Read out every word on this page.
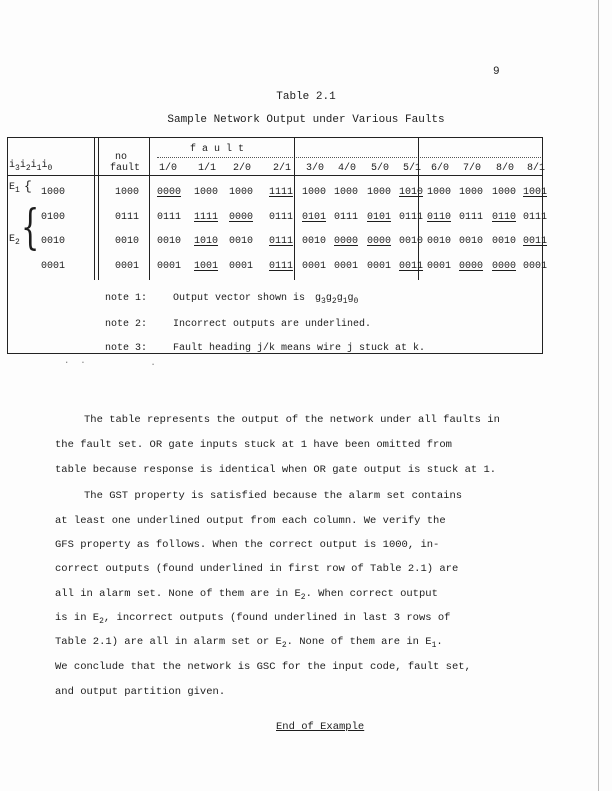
9
Table 2.1
Sample Network Output under Various Faults
$i_3i_2i_1i_0$
no
fault
f a u l t
1/0 1/1 2/0 2/1 3/0 4/0 5/0 5/1 6/0 7/0 8/0 8/1
1000	1000 0000 1000 1000 1111 1000 1000 1000 1010 1000 1000 1000 1001
0100	0111 0111 1111 0000 0111 0101 0111 0101 0111 0110 0111 0110 0111
0010	0010 0010 1010 0010 0111 0010 0000 0000 0010 0010 0010 0010 0011
0001	0001 0001 1001 0001 0111 0001 0001 0001 0011 0001 0000 0000 0001
$E_1$ {
$E_2$ {
note 1:	Output vector shown is $g_3g_2g_1g_0$
note 2:	Incorrect outputs are underlined.
note 3:	Fault heading j/k means wire j stuck at k.
·  ·            .
The table represents the output of the network under all faults in
the fault set. OR gate inputs stuck at 1 have been omitted from
table because response is identical when OR gate output is stuck at 1.
The GST property is satisfied because the alarm set contains
at least one underlined output from each column. We verify the
GFS property as follows. When the correct output is 1000, in-
correct outputs (found underlined in first row of Table 2.1) are
all in alarm set. None of them are in $E_2$. When correct output
is in $E_2$, incorrect outputs (found underlined in last 3 rows of
Table 2.1) are all in alarm set or $E_2$. None of them are in $E_1$.
We conclude that the network is GSC for the input code, fault set,
and output partition given.
End of Example
